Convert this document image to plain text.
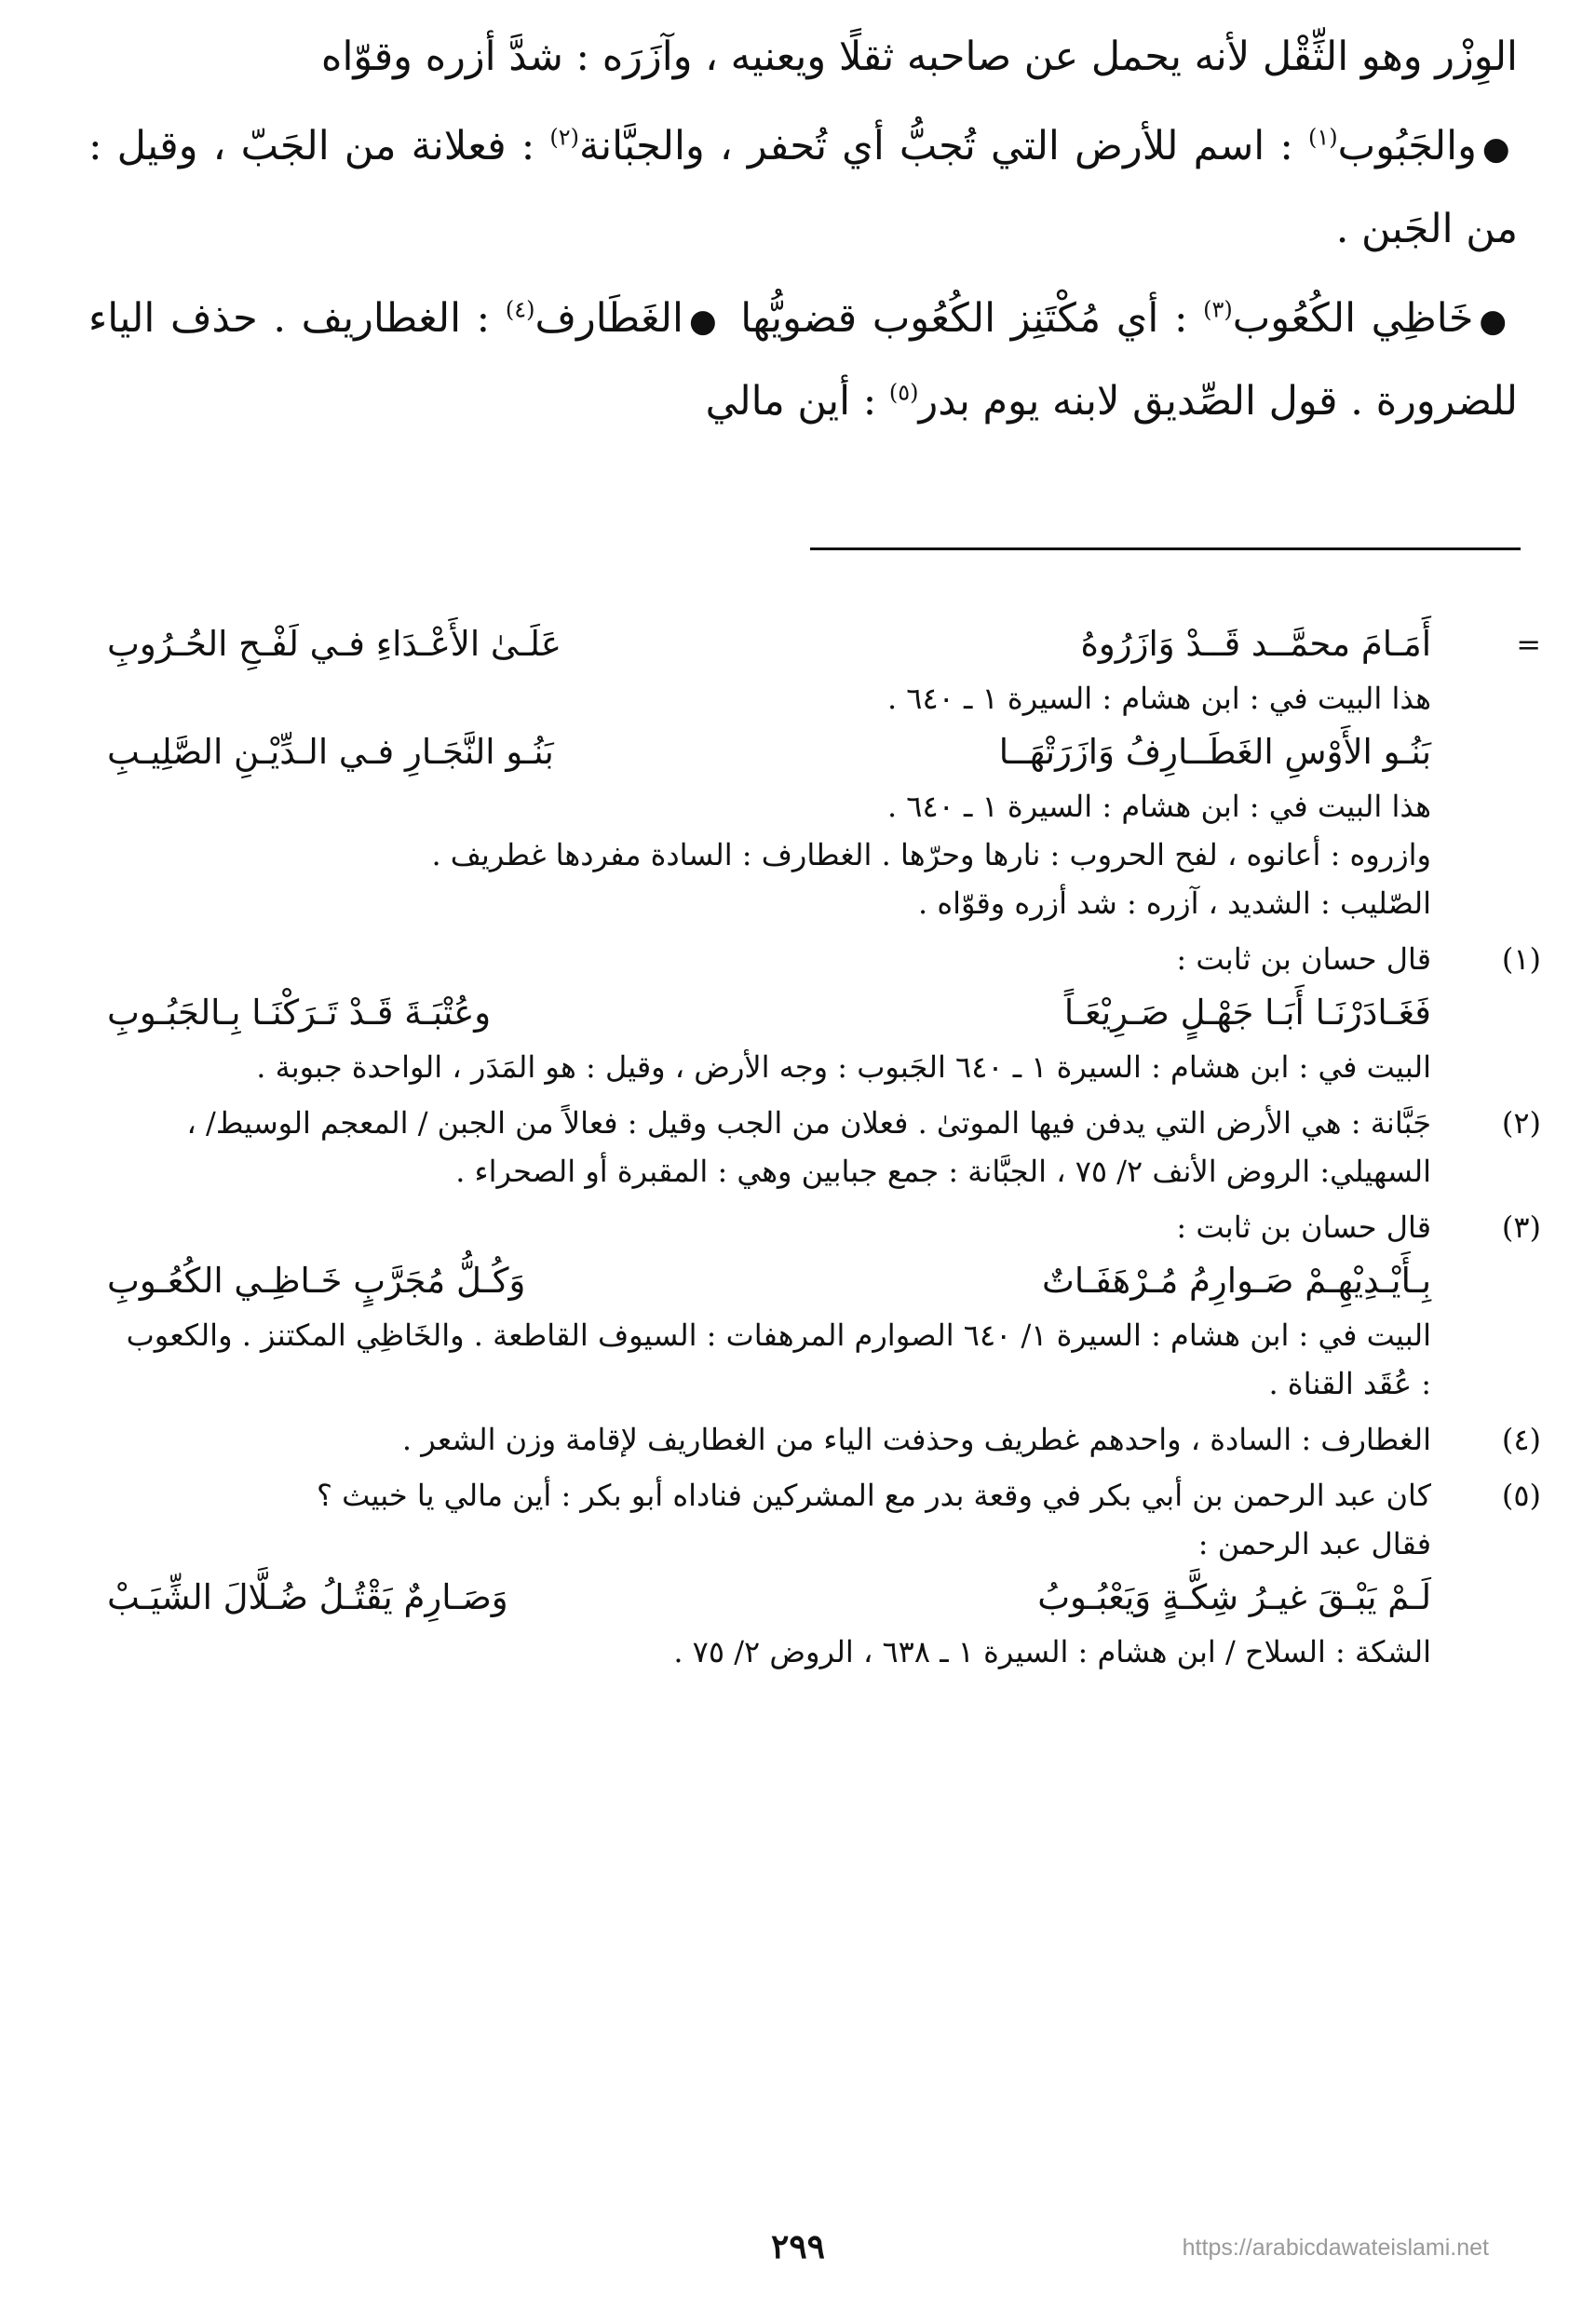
الوِزْر وهو الثِّقْل لأنه يحمل عن صاحبه ثقلًا ويعنيه ، وآزَرَه : شدَّ أزره وقوّاه

●والجَبُوب$^{(١)}$ : اسم للأرض التي تُجبُّ أي تُحفر ، والجبَّانة$^{(٢)}$ : فعلانة من الجَبّ ، وقيل : من الجَبن .

●خَاظِي الكُعُوب$^{(٣)}$ : أي مُكْتَنِز الكُعُوب قضويُّها ●الغَطَارف$^{(٤)}$ : الغطاريف . حذف الياء للضرورة . قول الصِّديق لابنه يوم بدر$^{(٥)}$ : أين مالي

=
أَمَـامَ محمَّــد قَــدْ وَازَرُوهُ
عَلَـىٰ الأَعْـدَاءِ فـي لَفْـحِ الحُـرُوبِ

هذا البيت في : ابن هشام : السيرة ١ ـ ٦٤٠ .

بَنُـو الأَوْسِ الغَطَــارِفُ وَازَرَتْهَــا
بَنُـو النَّجَـارِ فـي الـدِّيْـنِ الصَّلِيـبِ

هذا البيت في : ابن هشام : السيرة ١ ـ ٦٤٠ .

وازروه : أعانوه ، لفح الحروب : نارها وحرّها . الغطارف : السادة مفردها غطريف .

الصّليب : الشديد ، آزره : شد أزره وقوّاه .

(١)

قال حسان بن ثابت :

فَغَـادَرْنَـا أَبَـا جَهْـلٍ صَـرِيْعَـاً
وعُتْبَـةَ قَـدْ تَـرَكْنَـا بِـالجَبُـوبِ

البيت في : ابن هشام : السيرة ١ ـ ٦٤٠ الجَبوب : وجه الأرض ، وقيل : هو المَدَر ، الواحدة جبوبة .

(٢)

جَبَّانة : هي الأرض التي يدفن فيها الموتىٰ . فعلان من الجب وقيل : فعالاً من الجبن / المعجم الوسيط/ ، السهيلي: الروض الأنف ٢/ ٧٥ ، الجبَّانة : جمع جبابين وهي : المقبرة أو الصحراء .

(٣)

قال حسان بن ثابت :

بِـأَيْـدِيْهِـمْ صَـوارِمُ مُـرْهَفَـاتٌ
وَكُـلُّ مُجَرَّبٍ خَـاظِـي الكُعُـوبِ

البيت في : ابن هشام : السيرة ١/ ٦٤٠ الصوارم المرهفات : السيوف القاطعة . والخَاظِي المكتنز . والكعوب : عُقَد القناة .

(٤)

الغطارف : السادة ، واحدهم غطريف وحذفت الياء من الغطاريف لإقامة وزن الشعر .

(٥)

كان عبد الرحمن بن أبي بكر في وقعة بدر مع المشركين فناداه أبو بكر : أين مالي يا خبيث ؟

فقال عبد الرحمن :

لَـمْ يَبْـقَ غيـرُ شِكَّـةٍ وَيَعْبُـوبُ
وَصَـارِمٌ يَقْتُـلُ ضُـلَّالَ الشِّيَـبْ

الشكة : السلاح / ابن هشام : السيرة ١ ـ ٦٣٨ ، الروض ٢/ ٧٥ .

٢٩٩	https://arabicdawateislami.net
